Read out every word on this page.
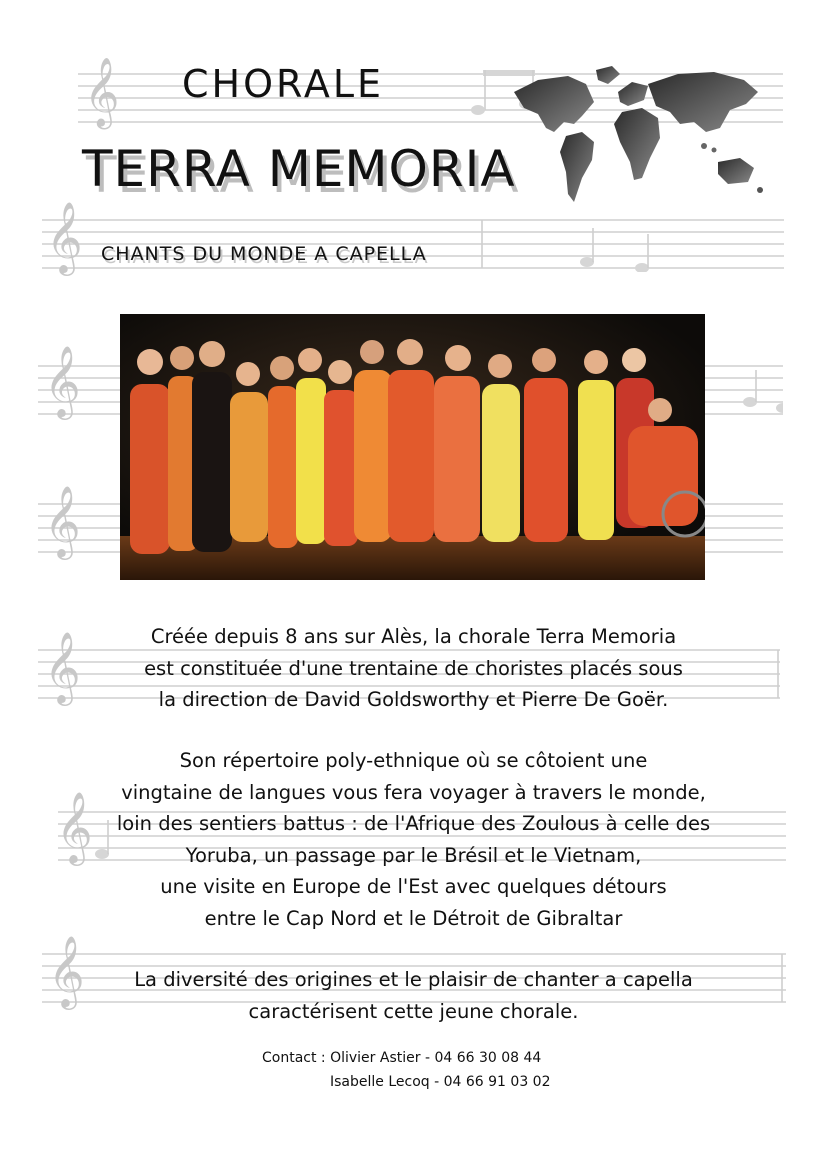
𝄞
𝄞
𝄞
𝄞
𝄞
𝄞
𝄞
CHORALE
TERRA MEMORIA
CHANTS DU MONDE A CAPELLA
Créée depuis 8 ans sur Alès, la chorale Terra Memoria
est constituée d'une trentaine de choristes placés sous
la direction de David Goldsworthy et Pierre De Goër.
Son répertoire poly-ethnique où se côtoient une
vingtaine de langues vous fera voyager à travers le monde,
loin des sentiers battus : de l'Afrique des Zoulous à celle des
Yoruba, un passage par le Brésil et le Vietnam,
une visite en Europe de l'Est avec quelques détours
entre le Cap Nord et le Détroit de Gibraltar
La diversité des origines et le plaisir de chanter a capella
caractérisent cette jeune chorale.
Contact : Olivier Astier - 04 66 30 08 44
Isabelle Lecoq - 04 66 91 03 02
